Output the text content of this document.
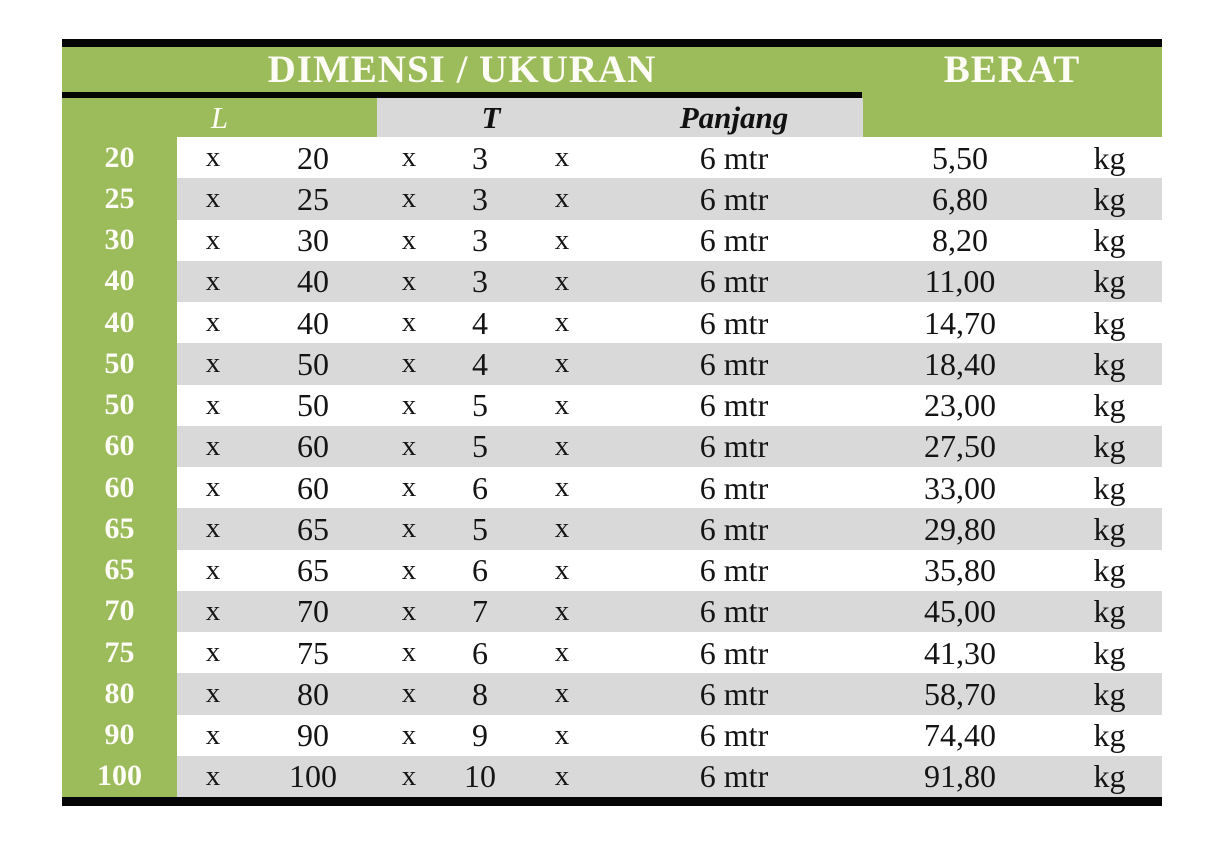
DIMENSI / UKURAN	BERAT
L	T	Panjang
20	x	20	x	3	x	6 mtr	5,50	kg
25	x	25	x	3	x	6 mtr	6,80	kg
30	x	30	x	3	x	6 mtr	8,20	kg
40	x	40	x	3	x	6 mtr	11,00	kg
40	x	40	x	4	x	6 mtr	14,70	kg
50	x	50	x	4	x	6 mtr	18,40	kg
50	x	50	x	5	x	6 mtr	23,00	kg
60	x	60	x	5	x	6 mtr	27,50	kg
60	x	60	x	6	x	6 mtr	33,00	kg
65	x	65	x	5	x	6 mtr	29,80	kg
65	x	65	x	6	x	6 mtr	35,80	kg
70	x	70	x	7	x	6 mtr	45,00	kg
75	x	75	x	6	x	6 mtr	41,30	kg
80	x	80	x	8	x	6 mtr	58,70	kg
90	x	90	x	9	x	6 mtr	74,40	kg
100	x	100	x	10	x	6 mtr	91,80	kg
